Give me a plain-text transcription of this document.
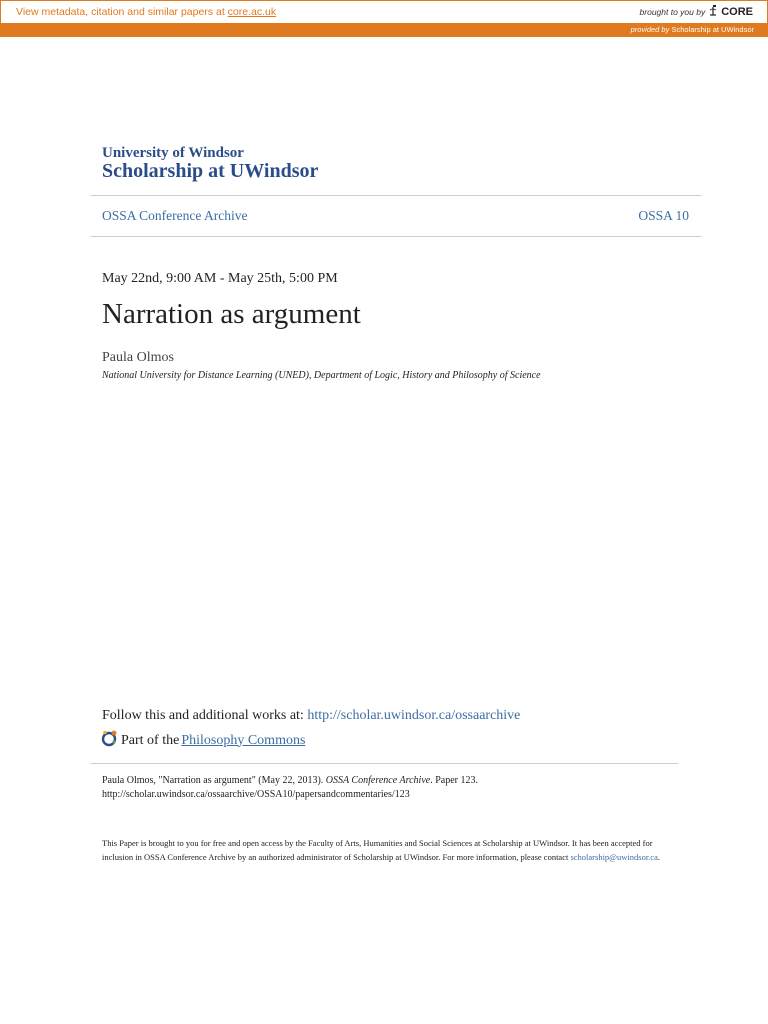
View metadata, citation and similar papers at core.ac.uk	brought to you by CORE
provided by Scholarship at UWindsor
University of Windsor
Scholarship at UWindsor
OSSA Conference Archive	OSSA 10
May 22nd, 9:00 AM - May 25th, 5:00 PM
Narration as argument
Paula Olmos
National University for Distance Learning (UNED), Department of Logic, History and Philosophy of Science
Follow this and additional works at: http://scholar.uwindsor.ca/ossaarchive
Part of the Philosophy Commons
Paula Olmos, "Narration as argument" (May 22, 2013). OSSA Conference Archive. Paper 123.
http://scholar.uwindsor.ca/ossaarchive/OSSA10/papersandcommentaries/123
This Paper is brought to you for free and open access by the Faculty of Arts, Humanities and Social Sciences at Scholarship at UWindsor. It has been accepted for inclusion in OSSA Conference Archive by an authorized administrator of Scholarship at UWindsor. For more information, please contact scholarship@uwindsor.ca.
